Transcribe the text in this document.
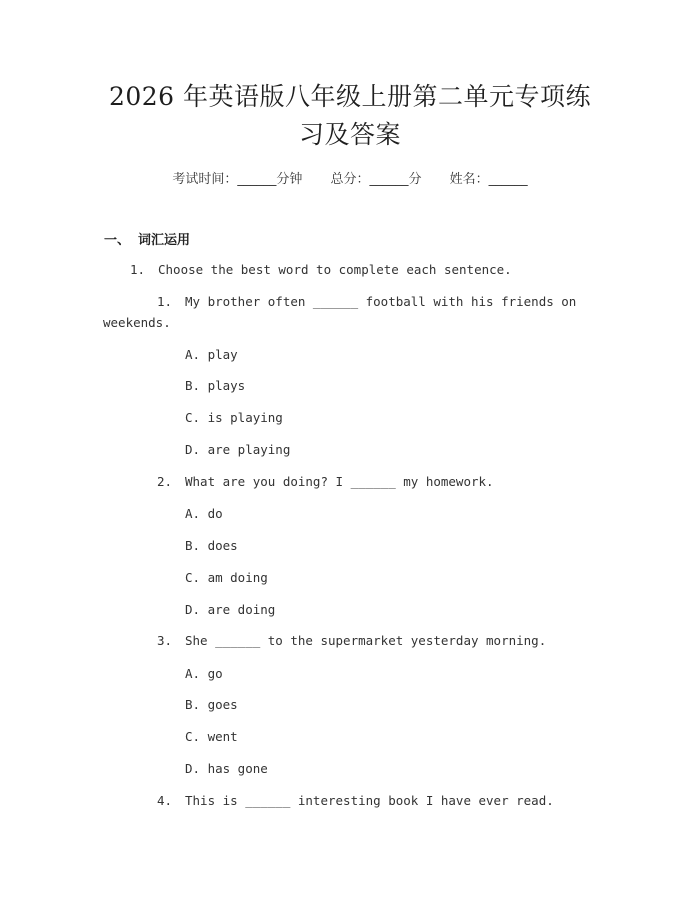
2026 年英语版八年级上册第二单元专项练习及答案
考试时间：______分钟 总分：______分 姓名：______
一、 词汇运用
1. Choose the best word to complete each sentence.
1. My brother often ______ football with his friends on
weekends.
A. play
B. plays
C. is playing
D. are playing
2. What are you doing? I ______ my homework.
A. do
B. does
C. am doing
D. are doing
3. She ______ to the supermarket yesterday morning.
A. go
B. goes
C. went
D. has gone
4. This is ______ interesting book I have ever read.
